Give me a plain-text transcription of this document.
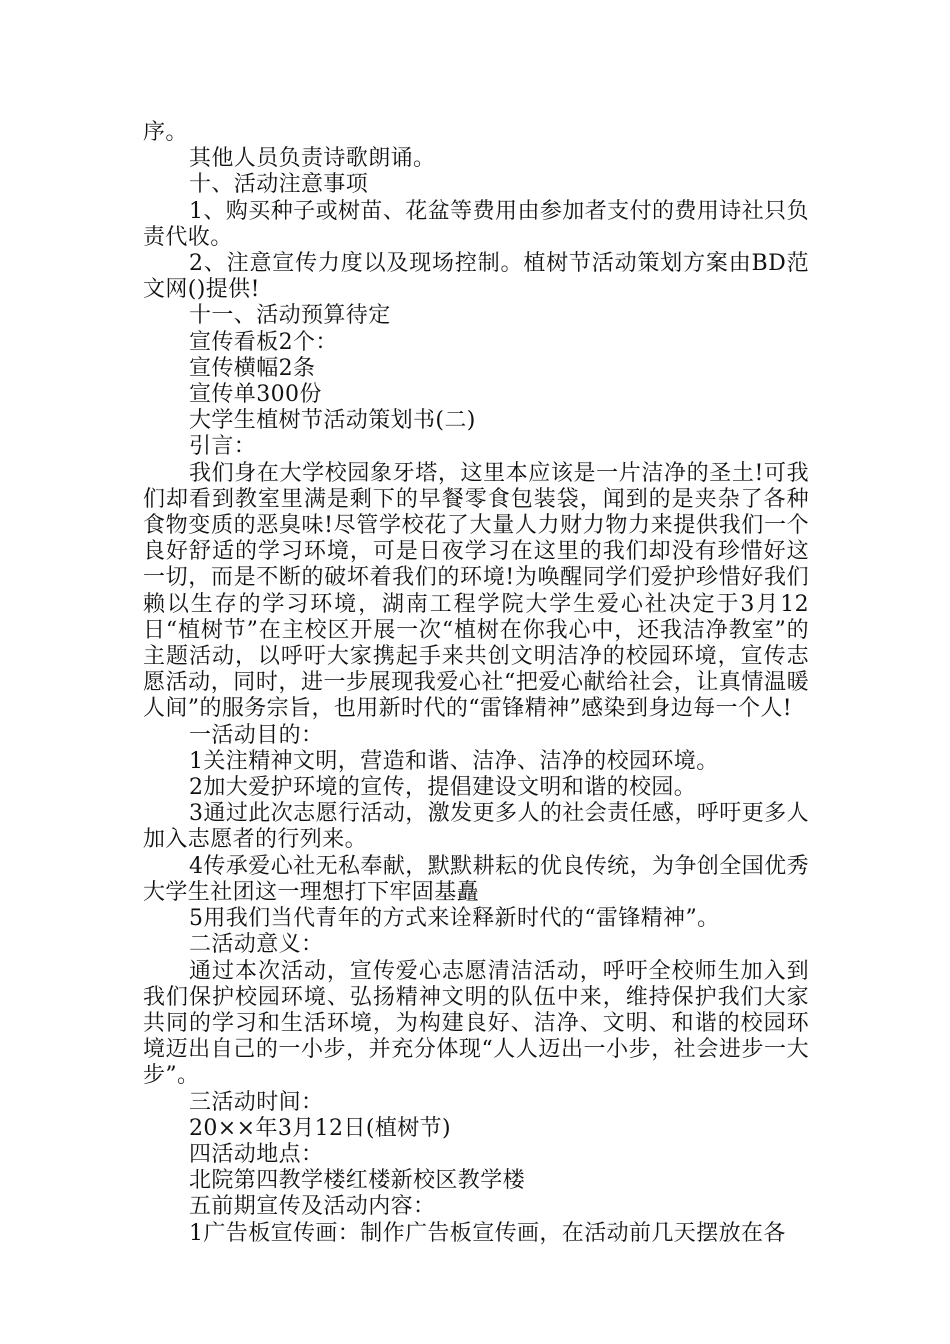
序。

其他人员负责诗歌朗诵。

十、活动注意事项

1、购买种子或树苗、花盆等费用由参加者支付的费用诗社只负责代收。

2、注意宣传力度以及现场控制。植树节活动策划方案由BD范文网()提供!

十一、活动预算待定

宣传看板2个：

宣传横幅2条

宣传单300份

大学生植树节活动策划书(二)

引言：

我们身在大学校园象牙塔，这里本应该是一片洁净的圣土!可我们却看到教室里满是剩下的早餐零食包装袋，闻到的是夹杂了各种食物变质的恶臭味!尽管学校花了大量人力财力物力来提供我们一个良好舒适的学习环境，可是日夜学习在这里的我们却没有珍惜好这一切，而是不断的破坏着我们的环境!为唤醒同学们爱护珍惜好我们赖以生存的学习环境，湖南工程学院大学生爱心社决定于3月12日“植树节”在主校区开展一次“植树在你我心中，还我洁净教室”的主题活动，以呼吁大家携起手来共创文明洁净的校园环境，宣传志愿活动，同时，进一步展现我爱心社“把爱心献给社会，让真情温暖人间”的服务宗旨，也用新时代的“雷锋精神”感染到身边每一个人!

一活动目的：

1关注精神文明，营造和谐、洁净、洁净的校园环境。

2加大爱护环境的宣传，提倡建设文明和谐的校园。

3通过此次志愿行活动，激发更多人的社会责任感，呼吁更多人加入志愿者的行列来。

4传承爱心社无私奉献，默默耕耘的优良传统，为争创全国优秀大学生社团这一理想打下牢固基矗

5用我们当代青年的方式来诠释新时代的“雷锋精神”。

二活动意义：

通过本次活动，宣传爱心志愿清洁活动，呼吁全校师生加入到我们保护校园环境、弘扬精神文明的队伍中来，维持保护我们大家共同的学习和生活环境，为构建良好、洁净、文明、和谐的校园环境迈出自己的一小步，并充分体现“人人迈出一小步，社会进步一大步”。

三活动时间：

20××年3月12日(植树节)

四活动地点：

北院第四教学楼红楼新校区教学楼

五前期宣传及活动内容：

1广告板宣传画：制作广告板宣传画，在活动前几天摆放在各
